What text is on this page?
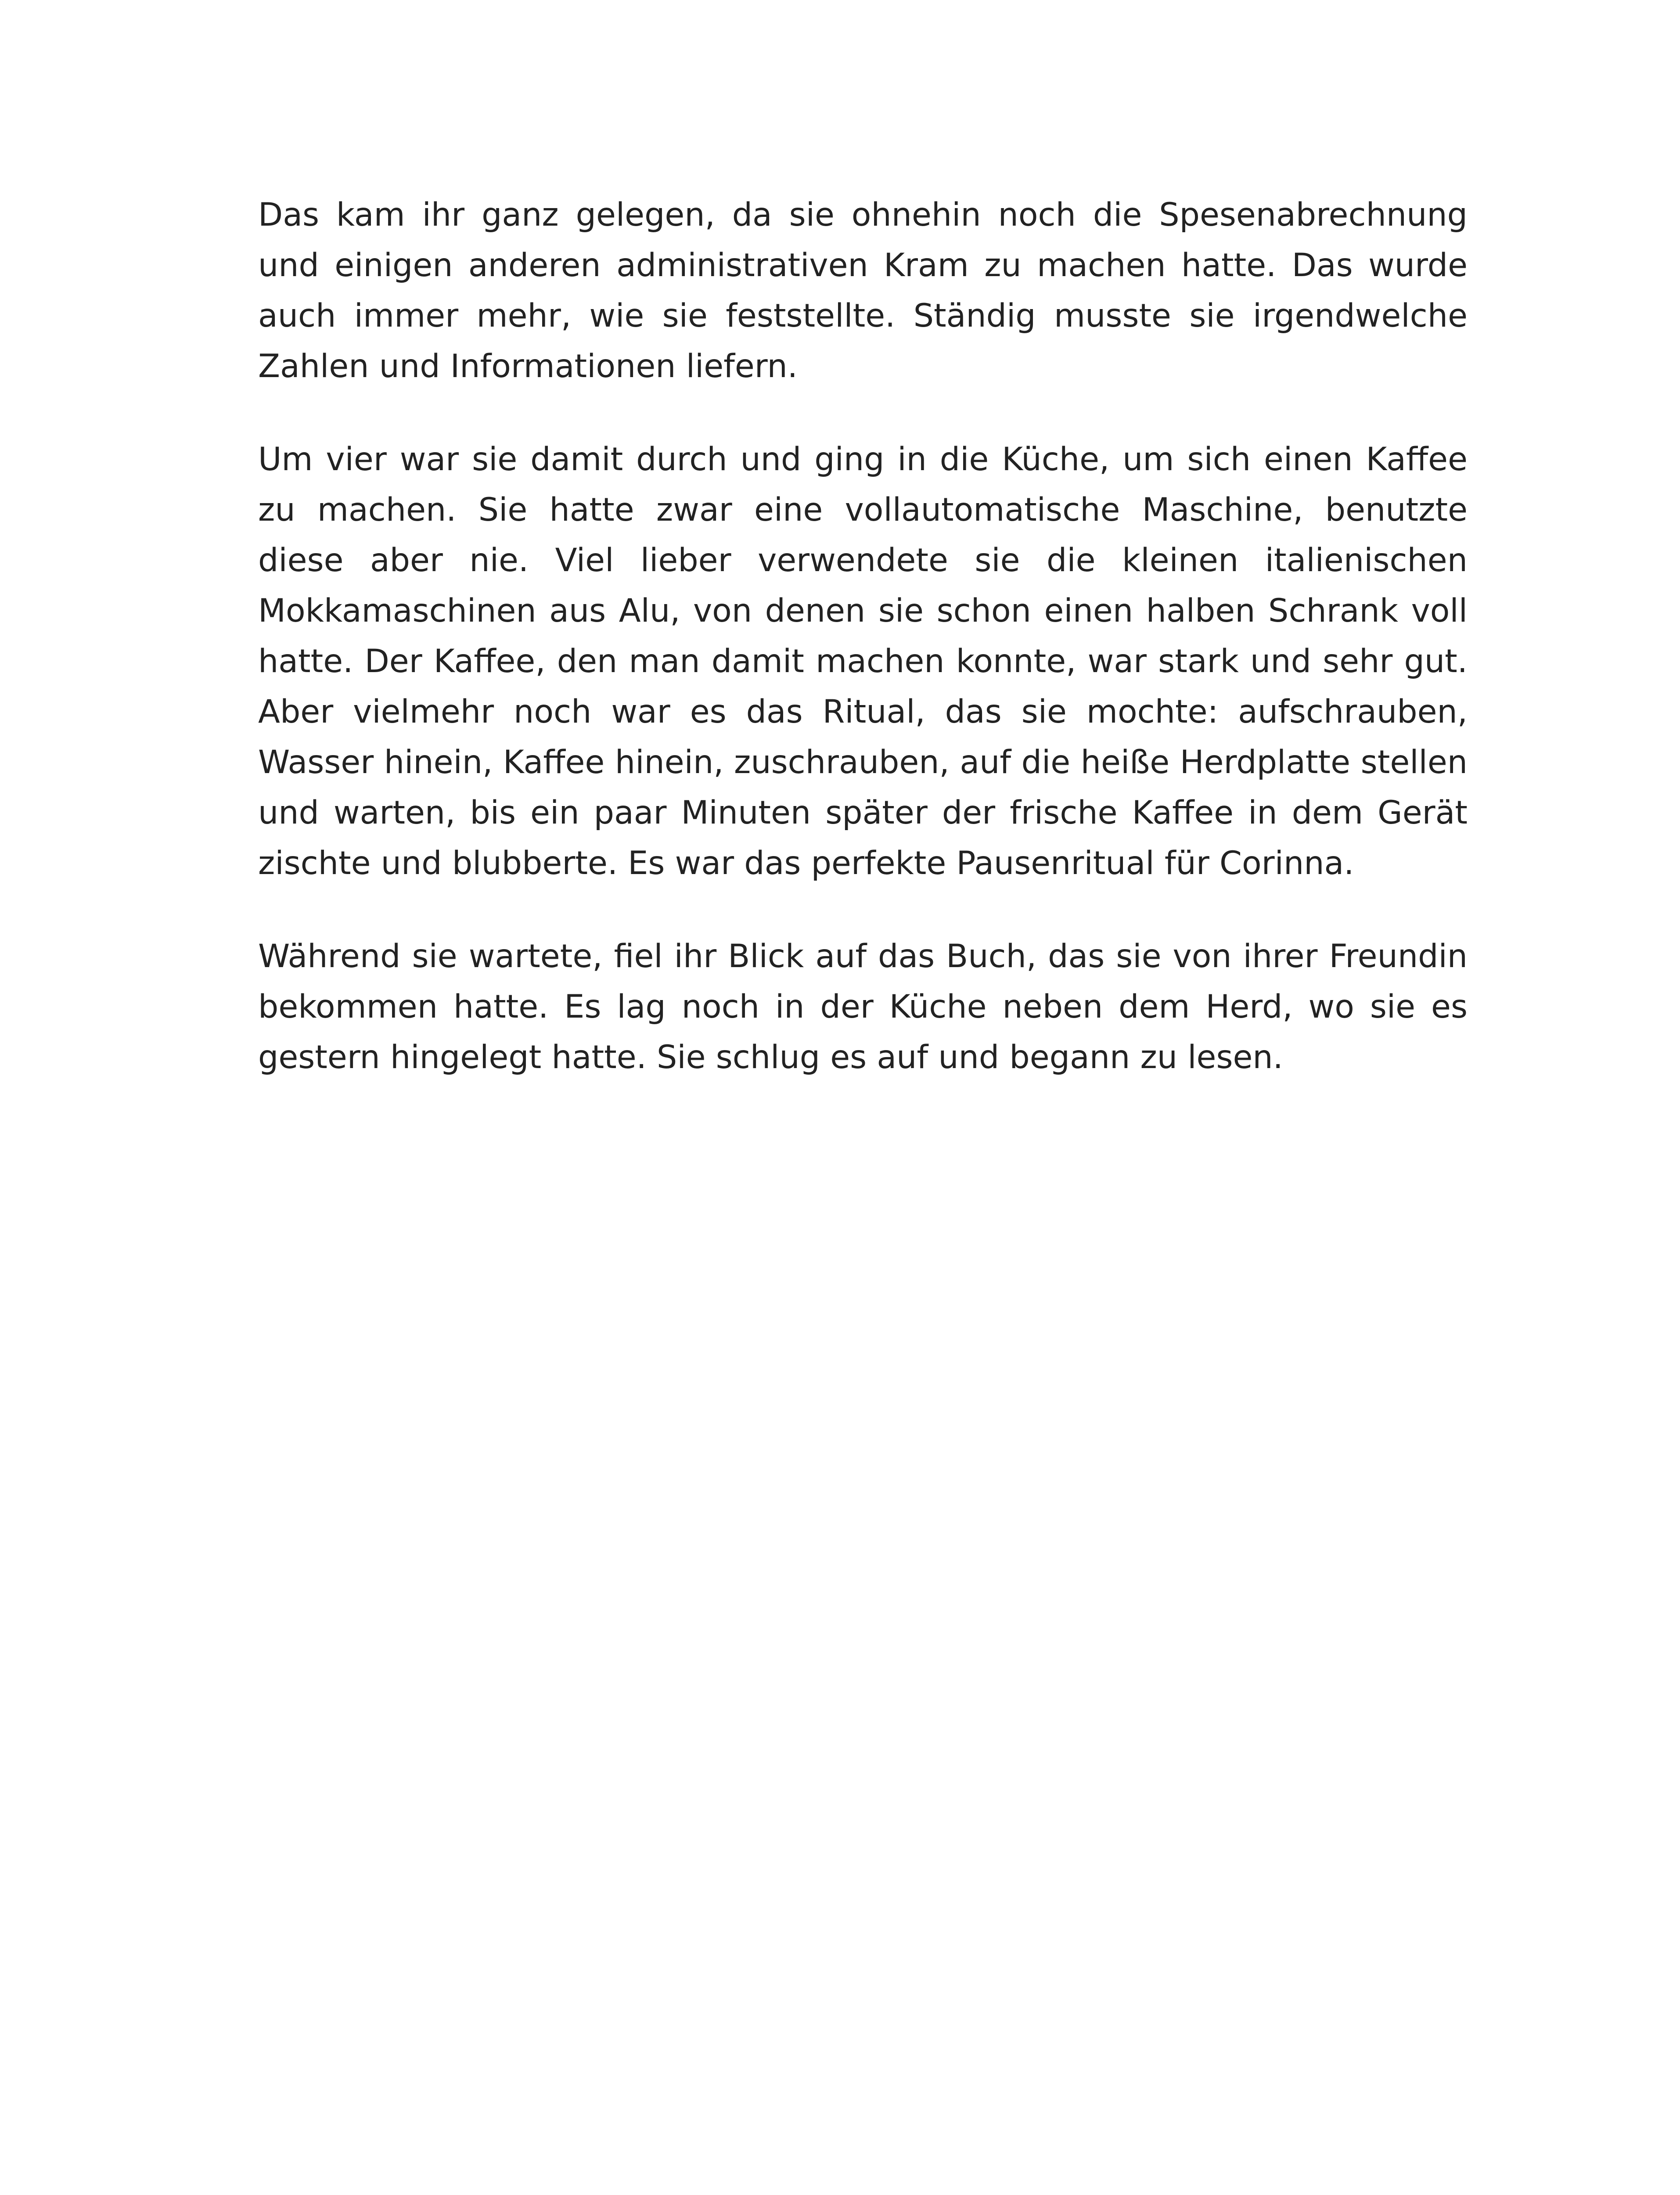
Das kam ihr ganz gelegen, da sie ohnehin noch die Spesenabrechnung und einigen anderen administrativen Kram zu machen hatte. Das wurde auch immer mehr, wie sie feststellte. Ständig musste sie irgendwelche Zahlen und Informationen liefern.

Um vier war sie damit durch und ging in die Küche, um sich einen Kaffee zu machen. Sie hatte zwar eine vollautomatische Maschine, benutzte diese aber nie. Viel lieber verwendete sie die kleinen italienischen Mokkamaschinen aus Alu, von denen sie schon einen halben Schrank voll hatte. Der Kaffee, den man damit machen konnte, war stark und sehr gut. Aber vielmehr noch war es das Ritual, das sie mochte: aufschrauben, Wasser hinein, Kaffee hinein, zuschrauben, auf die heiße Herdplatte stellen und warten, bis ein paar Minuten später der frische Kaffee in dem Gerät zischte und blubberte. Es war das perfekte Pausenritual für Corinna.

Während sie wartete, fiel ihr Blick auf das Buch, das sie von ihrer Freundin bekommen hatte. Es lag noch in der Küche neben dem Herd, wo sie es gestern hingelegt hatte. Sie schlug es auf und begann zu lesen.
